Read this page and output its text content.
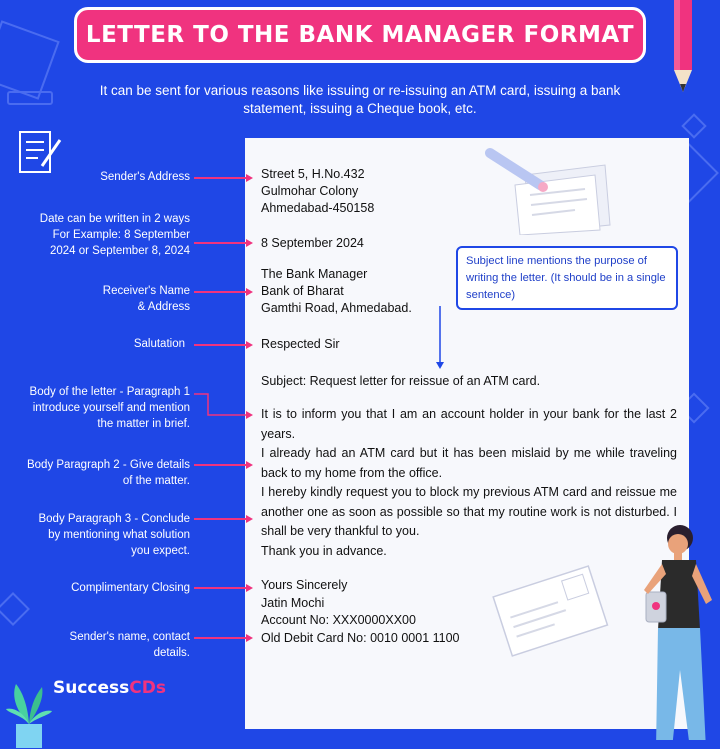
LETTER TO THE BANK MANAGER FORMAT
It can be sent for various reasons like issuing or re-issuing an ATM card, issuing a bank statement, issuing a Cheque book, etc.
Subject line mentions the purpose of writing the letter. (It should be in a single sentence)
Street 5, H.No.432
Gulmohar Colony
Ahmedabad-450158
8 September 2024
The Bank Manager
Bank of Bharat
Gamthi Road, Ahmedabad.
Respected Sir
Subject: Request letter for reissue of an ATM card.

It is to inform you that I am an account holder in your bank for the last 2 years.

I already had an ATM card but it has been mislaid by me while traveling back to my home from the office.

I hereby kindly request you to block my previous ATM card and reissue me another one as soon as possible so that my routine work is not disturbed. I shall be very thankful to you.

Thank you in advance.

Yours Sincerely
Jatin Mochi
Account No: XXX0000XX00
Old Debit Card No: 0010 0001 1100
Sender's Address
Date can be written in 2 ways
For Example: 8 September
2024 or September 8, 2024
Receiver's Name
& Address
Salutation
Body of the letter - Paragraph 1
introduce yourself and mention
the matter in brief.
Body Paragraph 2 - Give details
of the matter.
Body Paragraph 3 - Conclude
by mentioning what solution
you expect.
Complimentary Closing
Sender's name, contact
details.
SuccessCDs
